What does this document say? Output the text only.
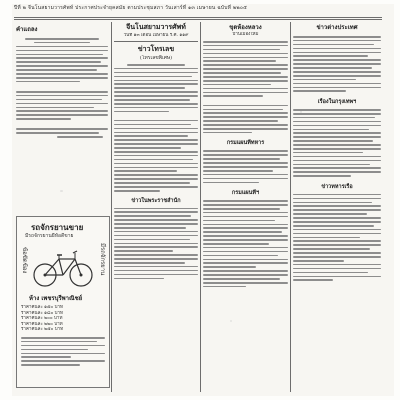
ปีที่ ๒ จีนโนสยามวารศัพท์ ประกาศประจำยุคสมัย ตามประชุมสภา วันเสาร์ที่ ๑๓ เมษายน ฉบับที่ ๒๒๐๕
คำแถลง
รถจักรยานขาย
มีรถจักรยานยี่ห้อดีขาย
ข้อขัดข้อง	มีรถจักรยาน
ห้าง เพชรบุรีพาณิชย์
ราคาคันละ ๑๕๐ บาท
ราคาคันละ ๑๘๐ บาท
ราคาคันละ ๒๐๐ บาท
ราคาคันละ ๒๒๐ บาท
ราคาคันละ ๒๕๐ บาท
จีนโนสยามวารศัพท์
วันที่ ๑๓ เดือน เมษายน ร.ศ. ๑๑๙
ข่าวโทรเลข
(โทรเลขพิเศษ)
ข่าวในพระราชสำนัก
ขุดห้องหลวง
บ้านเมืองใหม่
กรมแผนที่ทหาร
กรมแผนที่ฯ
ข่าวต่างประเทศ
เรื่องในกรุงเทพฯ
ข่าวทหารเรือ
